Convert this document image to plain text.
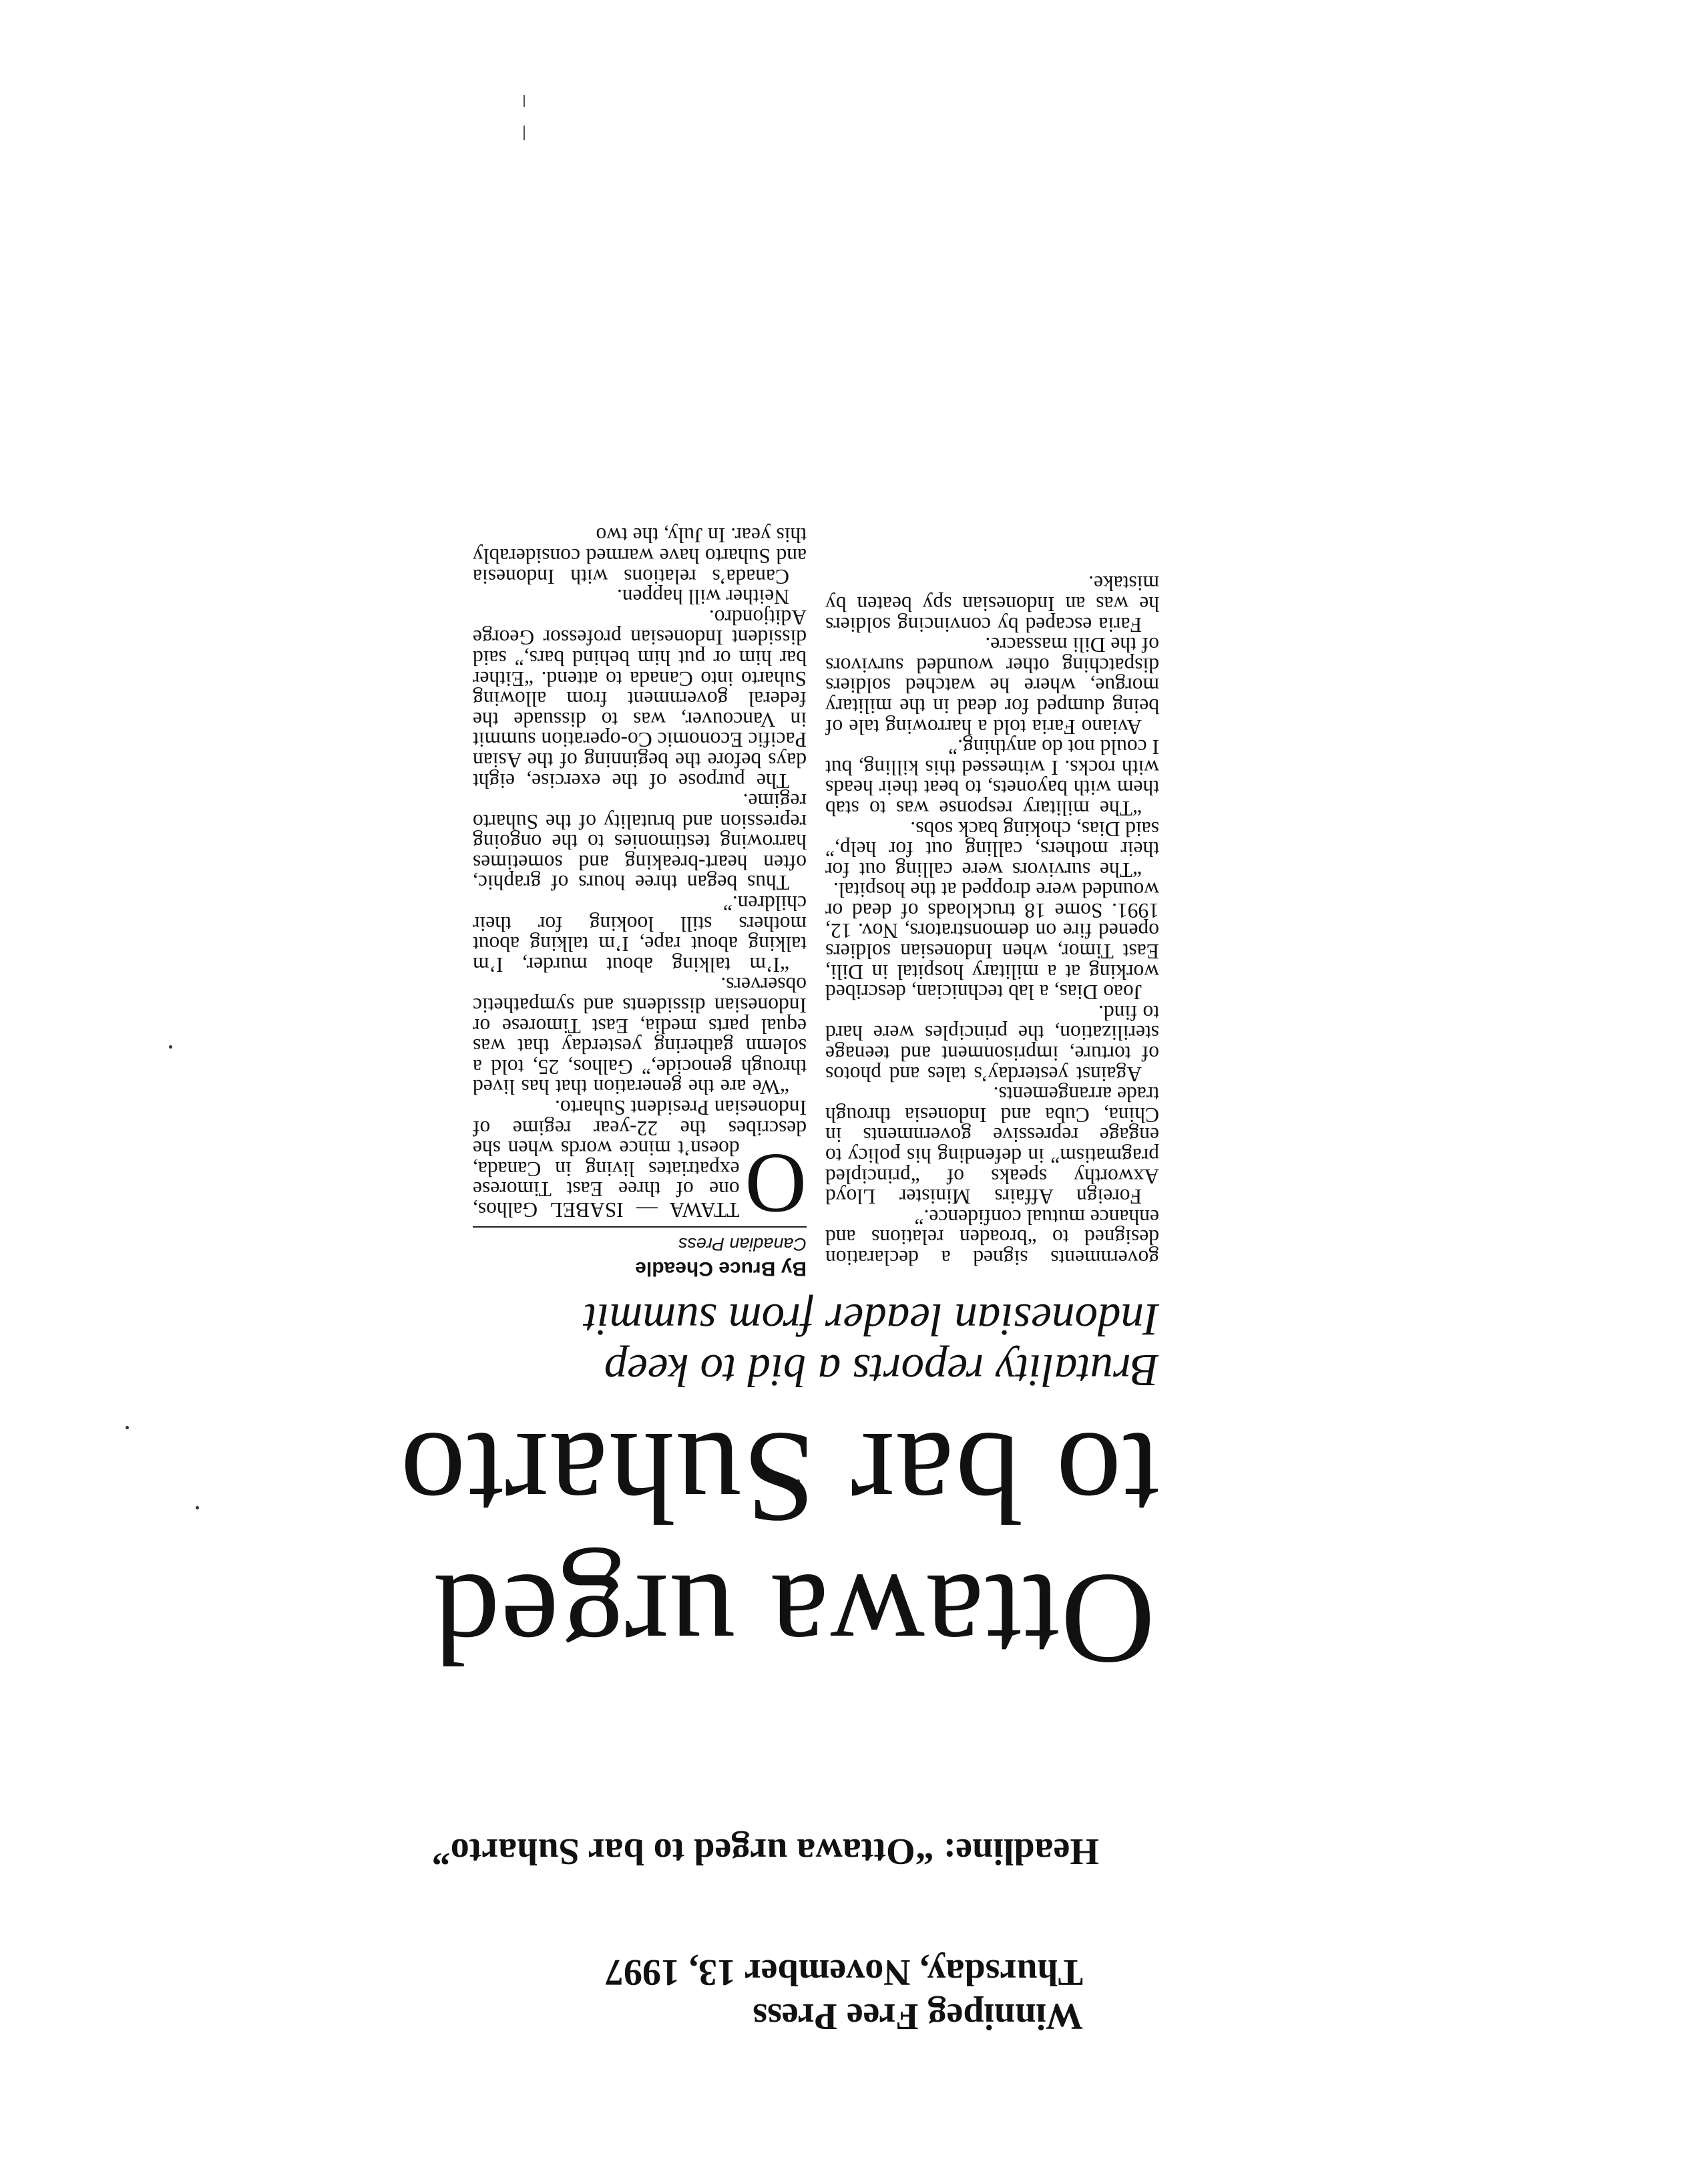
Winnipeg Free Press
Thursday, November 13, 1997
Headline: “Ottawa urged to bar Suharto”
Ottawa urged
to bar Suharto
Brutality reports a bid to keep
Indonesian leader from summit
By Bruce Cheadle
Canadian Press

O
TTAWA — ISABEL Galhos, one of three East Timorese expatriates living in Canada, doesn’t mince words when she describes the 22-year regime of Indonesian President Suharto.

“We are the generation that has lived through genocide,” Galhos, 25, told a solemn gathering yesterday that was equal parts media, East Timorese or Indonesian dissidents and sympathetic observers.

“I’m talking about murder, I’m talking about rape, I’m talking about mothers still looking for their children.”

Thus began three hours of graphic, often heart-breaking and sometimes harrowing testimonies to the ongoing repression and brutality of the Suharto regime.

The purpose of the exercise, eight days before the beginning of the Asian Pacific Economic Co-operation summit in Vancouver, was to dissuade the federal government from allowing Suharto into Canada to attend. “Either bar him or put him behind bars,” said dissident Indonesian professor George Aditjondro.

Neither will happen.

Canada’s relations with Indonesia and Suharto have warmed considerably this year. In July, the two

governments signed a declaration designed to “broaden relations and enhance mutual confidence.”

Foreign Affairs Minister Lloyd Axworthy speaks of “principled pragmatism” in defending his policy to engage repressive governments in China, Cuba and Indonesia through trade arrangements.

Against yesterday’s tales and photos of torture, imprisonment and teenage sterilization, the principles were hard to find.

Joao Dias, a lab technician, described working at a military hospital in Dili, East Timor, when Indonesian soldiers opened fire on demonstrators, Nov. 12, 1991. Some 18 truckloads of dead or wounded were dropped at the hospital.

“The survivors were calling out for their mothers, calling out for help,” said Dias, choking back sobs.

“The military response was to stab them with bayonets, to beat their heads with rocks. I witnessed this killing, but I could not do anything.”

Aviano Faria told a harrowing tale of being dumped for dead in the military morgue, where he watched soldiers dispatching other wounded survivors of the Dili massacre.

Faria escaped by convincing soldiers he was an Indonesian spy beaten by mistake.
